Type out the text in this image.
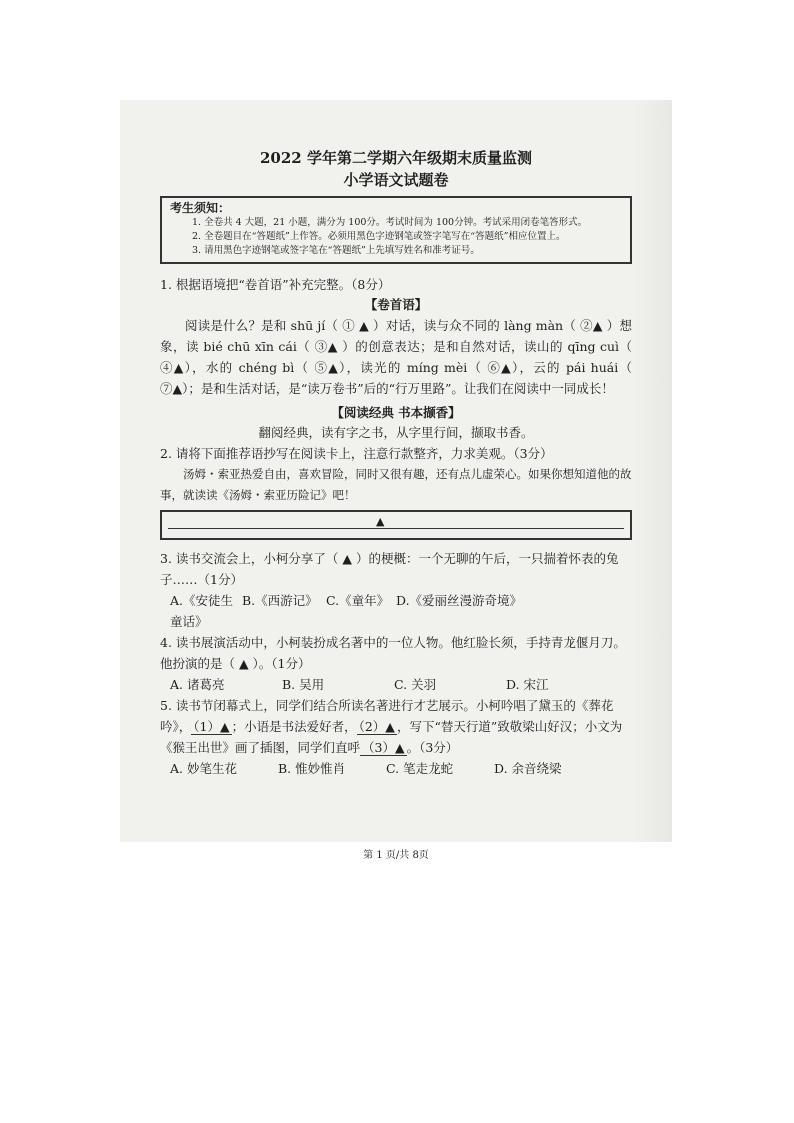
2022 学年第二学期六年级期末质量监测
小学语文试题卷
考生须知：

1. 全卷共 4 大题，21 小题，满分为 100分。考试时间为 100分钟。考试采用闭卷笔答形式。

2. 全卷题目在“答题纸”上作答。必须用黑色字迹钢笔或签字笔写在“答题纸”相应位置上。

3. 请用黑色字迹钢笔或签字笔在“答题纸”上先填写姓名和准考证号。

1. 根据语境把“卷首语”补充完整。（8分）
【卷首语】

阅读是什么？是和 shū jí（ ① ▲ ）对话，读与众不同的 làng màn（ ②▲ ）想象，读 bié chū xīn cái（ ③▲ ）的创意表达；是和自然对话，读山的 qīng cuì（ ④▲），水的 chéng bì（ ⑤▲），读光的 míng mèi（ ⑥▲），云的 pái huái（ ⑦▲）；是和生活对话，是“读万卷书”后的“行万里路”。让我们在阅读中一同成长！

【阅读经典 书本撷香】
翻阅经典，读有字之书，从字里行间，撷取书香。
2. 请将下面推荐语抄写在阅读卡上，注意行款整齐，力求美观。（3分）

汤姆・索亚热爱自由，喜欢冒险，同时又很有趣，还有点儿虚荣心。如果你想知道他的故事，就读读《汤姆・索亚历险记》吧！

▲
3. 读书交流会上，小柯分享了（ ▲ ）的梗概：一个无聊的午后，一只揣着怀表的兔子……（1分）
A.《安徒生童话》
B.《西游记》 C.《童年》 D.《爱丽丝漫游奇境》
4. 读书展演活动中，小柯装扮成名著中的一位人物。他红脸长须，手持青龙偃月刀。他扮演的是（ ▲ ）。（1分）
A. 诸葛亮	B. 吴用	C. 关羽	D. 宋江

5. 读书节闭幕式上，同学们结合所读名著进行才艺展示。小柯吟唱了黛玉的《葬花吟》， （1）▲ ；小语是书法爱好者， （2）▲ ，写下“替天行道”致敬梁山好汉；小文为《猴王出世》画了插图，同学们直呼 （3）▲ 。（3分）

A. 妙笔生花	B. 惟妙惟肖	C. 笔走龙蛇	D. 余音绕梁
第 1 页/共 8页
